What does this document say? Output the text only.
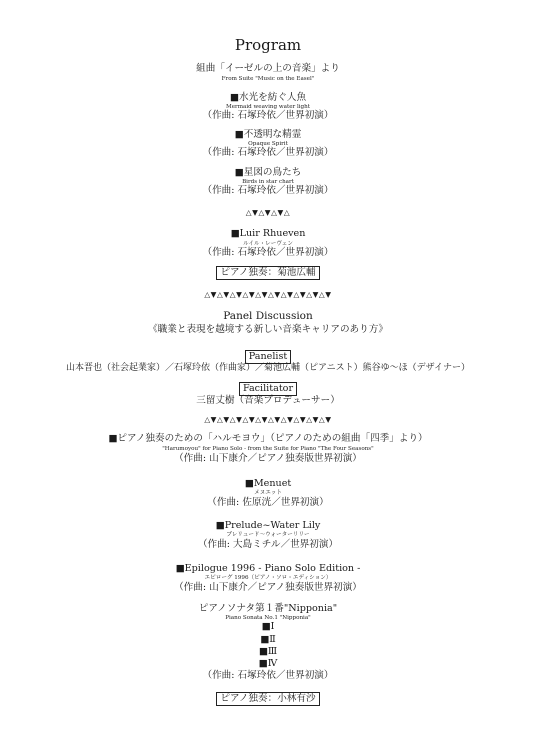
Program
組曲「イーゼルの上の音楽」より
From Suite "Music on the Easel"
■水光を紡ぐ人魚
Mermaid weaving water light
（作曲: 石塚玲依／世界初演）
■不透明な精霊
Opaque Spirit
（作曲: 石塚玲依／世界初演）
■星図の鳥たち
Birds in star chart
（作曲: 石塚玲依／世界初演）
△▼△▼△▼△
■Luir Rhueven
ルイル・レーヴェン
（作曲: 石塚玲依／世界初演）
ピアノ独奏：菊池広輔
△▼△▼△▼△▼△▼△▼△▼△▼△▼△▼
Panel Discussion
《職業と表現を越境する新しい音楽キャリアのあり方》
Panelist
山本晋也（社会起業家）／石塚玲依（作曲家）／菊池広輔（ピアニスト）熊谷ゆ～ほ（デザイナー）
Facilitator
三留丈樹（音楽プロデューサー）
△▼△▼△▼△▼△▼△▼△▼△▼△▼△▼
■ピアノ独奏のための「ハルモヨウ」（ピアノのための組曲「四季」より）
"Harumoyou" for Piano Solo - from the Suite for Piano "The Four Seasons"
（作曲: 山下康介／ピアノ独奏版世界初演）
■Menuet
メヌエット
（作曲: 佐原洸／世界初演）
■Prelude~Water Lily
プレリュード〜ウォーターリリー
（作曲: 大島ミチル／世界初演）
■Epilogue 1996 - Piano Solo Edition -
エピローグ 1996（ピアノ・ソロ・エディション）
（作曲: 山下康介／ピアノ独奏版世界初演）
ピアノソナタ第１番"Nipponia"
Piano Sonata No.1 "Nipponia"
■Ⅰ
■Ⅱ
■Ⅲ
■Ⅳ
（作曲: 石塚玲依／世界初演）
ピアノ独奏：小林有沙
